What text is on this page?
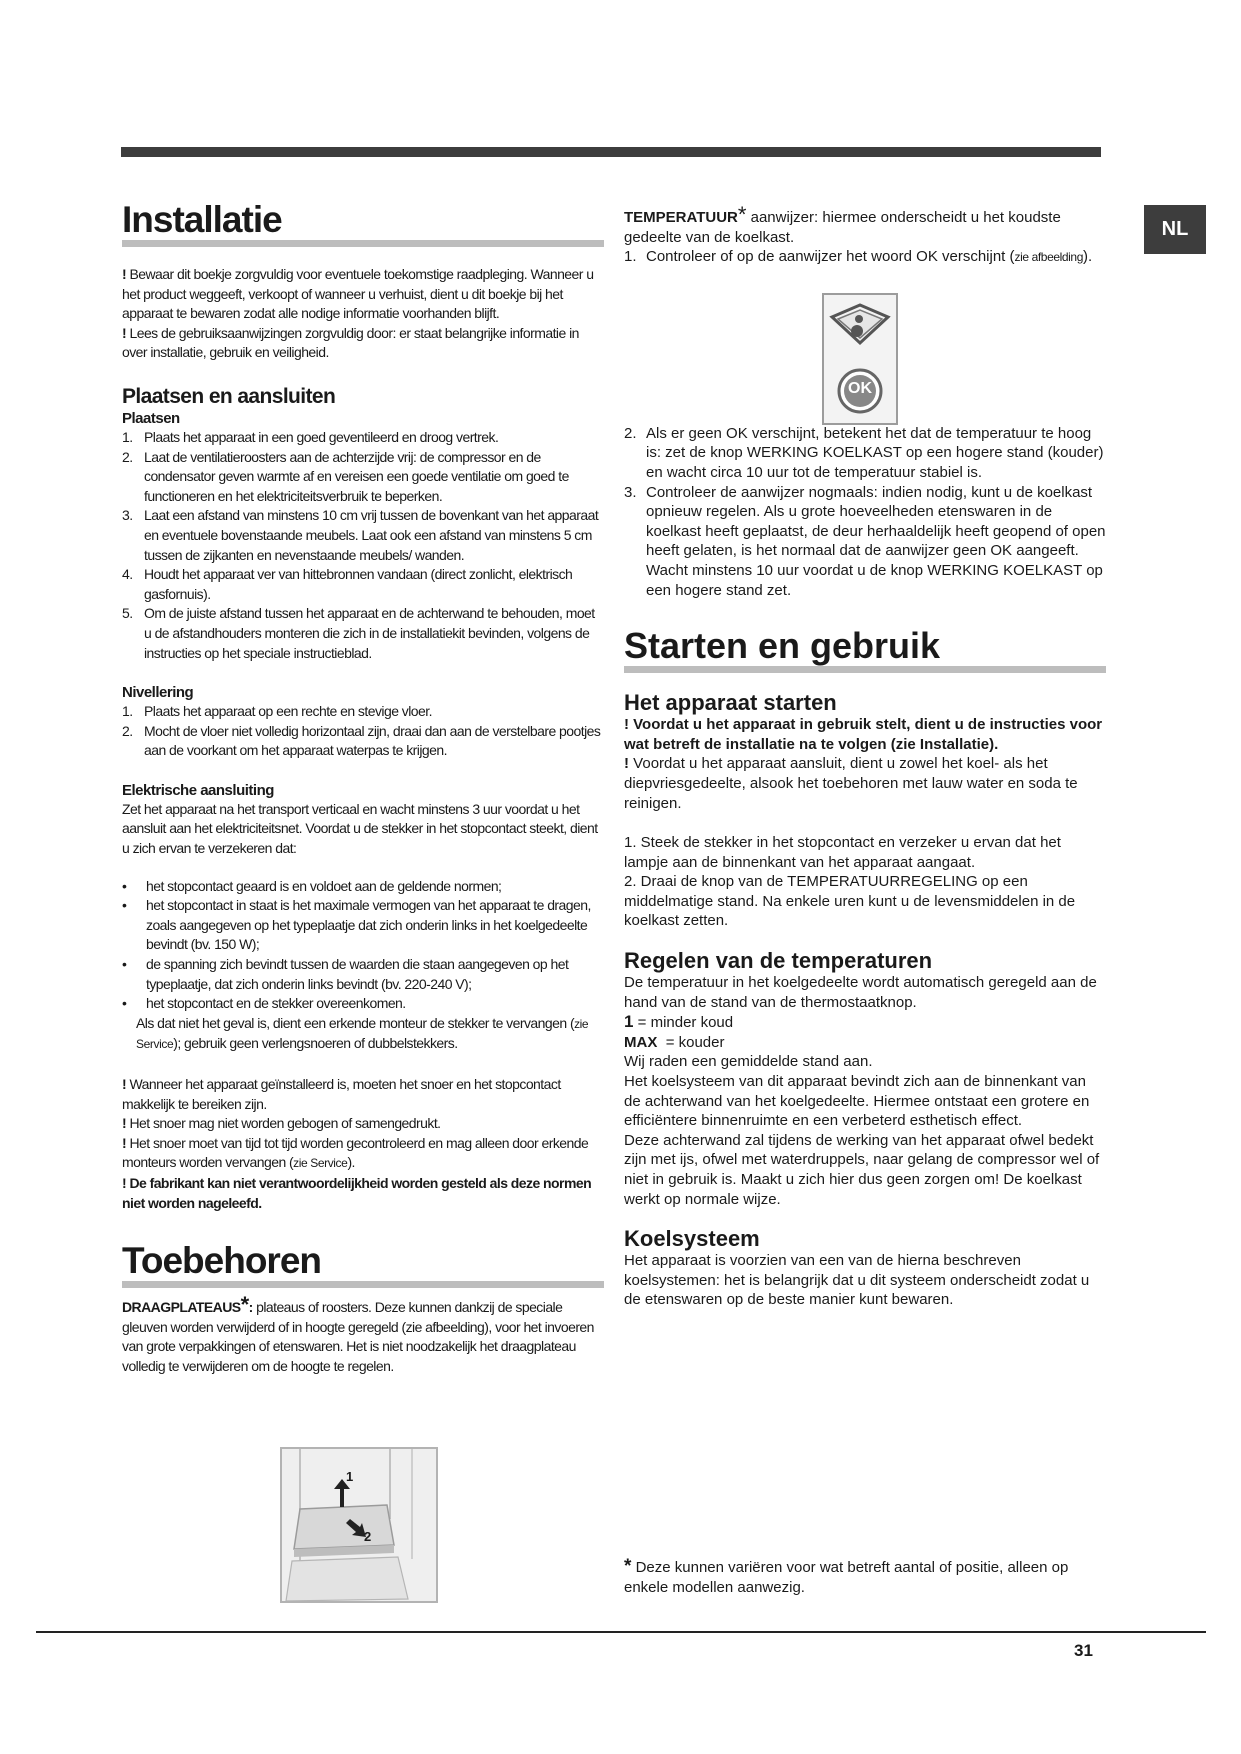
NL
Installatie

! Bewaar dit boekje zorgvuldig voor eventuele toekomstige raadpleging. Wanneer u het product weggeeft, verkoopt of wanneer u verhuist, dient u dit boekje bij het apparaat te bewaren zodat alle nodige informatie voorhanden blijft.

! Lees de gebruiksaanwijzingen zorgvuldig door: er staat belangrijke informatie in over installatie, gebruik en veiligheid.

Plaatsen en aansluiten

Plaatsen

1. Plaats het apparaat in een goed geventileerd en droog vertrek.
2. Laat de ventilatieroosters aan de achterzijde vrij: de compressor en de condensator geven warmte af en vereisen een goede ventilatie om goed te functioneren en het elektriciteitsverbruik te beperken.
3. Laat een afstand van minstens 10 cm vrij tussen de bovenkant van het apparaat en eventuele bovenstaande meubels. Laat ook een afstand van minstens 5 cm tussen de zijkanten en nevenstaande meubels/ wanden.
4. Houdt het apparaat ver van hittebronnen vandaan (direct zonlicht, elektrisch gasfornuis).
5. Om de juiste afstand tussen het apparaat en de achterwand te behouden, moet u de afstandhouders monteren die zich in de installatiekit bevinden, volgens de instructies op het speciale instructieblad.

Nivellering

1. Plaats het apparaat op een rechte en stevige vloer.
2. Mocht de vloer niet volledig horizontaal zijn, draai dan aan de verstelbare pootjes aan de voorkant om het apparaat waterpas te krijgen.

Elektrische aansluiting

Zet het apparaat na het transport verticaal en wacht minstens 3 uur voordat u het aansluit aan het elektriciteitsnet. Voordat u de stekker in het stopcontact steekt, dient u zich ervan te verzekeren dat:

• het stopcontact geaard is en voldoet aan de geldende normen;
• het stopcontact in staat is het maximale vermogen van het apparaat te dragen, zoals aangegeven op het typeplaatje dat zich onderin links in het koelgedeelte bevindt (bv. 150 W);
• de spanning zich bevindt tussen de waarden die staan aangegeven op het typeplaatje, dat zich onderin links bevindt (bv. 220-240 V);
• het stopcontact en de stekker overeenkomen.

Als dat niet het geval is, dient een erkende monteur de stekker te vervangen (zie Service); gebruik geen verlengsnoeren of dubbelstekkers.

! Wanneer het apparaat geïnstalleerd is, moeten het snoer en het stopcontact makkelijk te bereiken zijn.

! Het snoer mag niet worden gebogen of samengedrukt.

! Het snoer moet van tijd tot tijd worden gecontroleerd en mag alleen door erkende monteurs worden vervangen (zie Service).

! De fabrikant kan niet verantwoordelijkheid worden gesteld als deze normen niet worden nageleefd.

Toebehoren

DRAAGPLATEAUS*: plateaus of roosters. Deze kunnen dankzij de speciale gleuven worden verwijderd of in hoogte geregeld (zie afbeelding), voor het invoeren van grote verpakkingen of etenswaren. Het is niet noodzakelijk het draagplateau volledig te verwijderen om de hoogte te regelen.

1
2

TEMPERATUUR* aanwijzer: hiermee onderscheidt u het koudste gedeelte van de koelkast.

1. Controleer of op de aanwijzer het woord OK verschijnt (zie afbeelding).
2. Als er geen OK verschijnt, betekent het dat de temperatuur te hoog is: zet de knop WERKING KOELKAST op een hogere stand (kouder) en wacht circa 10 uur tot de temperatuur stabiel is.
3. Controleer de aanwijzer nogmaals: indien nodig, kunt u de koelkast opnieuw regelen. Als u grote hoeveelheden etenswaren in de koelkast heeft geplaatst, de deur herhaaldelijk heeft geopend of open heeft gelaten, is het normaal dat de aanwijzer geen OK aangeeft. Wacht minstens 10 uur voordat u de knop WERKING KOELKAST op een hogere stand zet.
Starten en gebruik
Het apparaat starten

! Voordat u het apparaat in gebruik stelt, dient u de instructies voor wat betreft de installatie na te volgen (zie Installatie).

! Voordat u het apparaat aansluit, dient u zowel het koel- als het diepvriesgedeelte, alsook het toebehoren met lauw water en soda te reinigen.

1. Steek de stekker in het stopcontact en verzeker u ervan dat het lampje aan de binnenkant van het apparaat aangaat.

2. Draai de knop van de TEMPERATUURREGELING op een middelmatige stand. Na enkele uren kunt u de levensmiddelen in de koelkast zetten.

Regelen van de temperaturen

De temperatuur in het koelgedeelte wordt automatisch geregeld aan de hand van de stand van de thermostaatknop.

1 = minder koud

MAX = kouder

Wij raden een gemiddelde stand aan.

Het koelsysteem van dit apparaat bevindt zich aan de binnenkant van de achterwand van het koelgedeelte. Hiermee ontstaat een grotere en efficiëntere binnenruimte en een verbeterd esthetisch effect.

Deze achterwand zal tijdens de werking van het apparaat ofwel bedekt zijn met ijs, ofwel met waterdruppels, naar gelang de compressor wel of niet in gebruik is. Maakt u zich hier dus geen zorgen om! De koelkast werkt op normale wijze.

Koelsysteem

Het apparaat is voorzien van een van de hierna beschreven koelsystemen: het is belangrijk dat u dit systeem onderscheidt zodat u de etenswaren op de beste manier kunt bewaren.

OK
* Deze kunnen variëren voor wat betreft aantal of positie, alleen op enkele modellen aanwezig.
31
